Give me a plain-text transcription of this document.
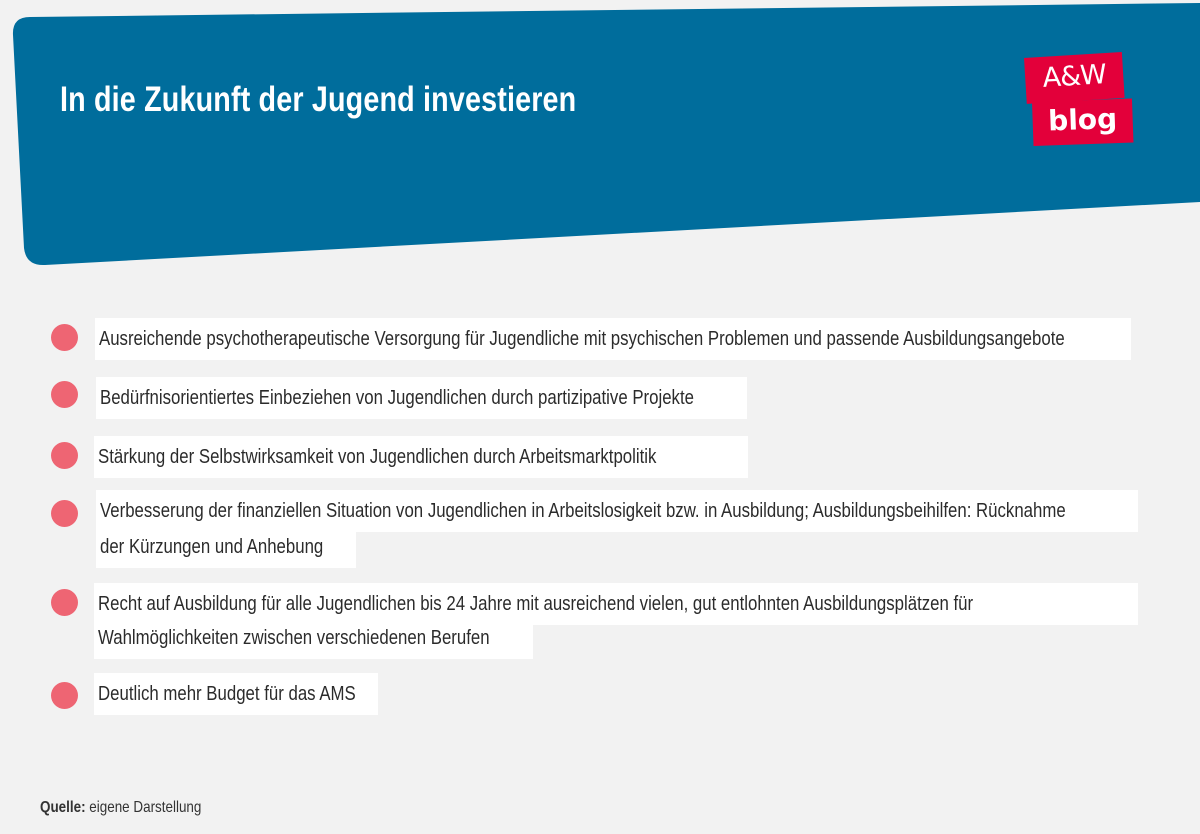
In die Zukunft der Jugend investieren
A&W
blog
Ausreichende psychotherapeutische Versorgung für Jugendliche mit psychischen Problemen und passende Ausbildungsangebote
Bedürfnisorientiertes Einbeziehen von Jugendlichen durch partizipative Projekte
Stärkung der Selbstwirksamkeit von Jugendlichen durch Arbeitsmarktpolitik
Verbesserung der finanziellen Situation von Jugendlichen in Arbeitslosigkeit bzw. in Ausbildung; Ausbildungsbeihilfen: Rücknahme
der Kürzungen und Anhebung
Recht auf Ausbildung für alle Jugendlichen bis 24 Jahre mit ausreichend vielen, gut entlohnten Ausbildungsplätzen für
Wahlmöglichkeiten zwischen verschiedenen Berufen
Deutlich mehr Budget für das AMS
Quelle: eigene Darstellung
